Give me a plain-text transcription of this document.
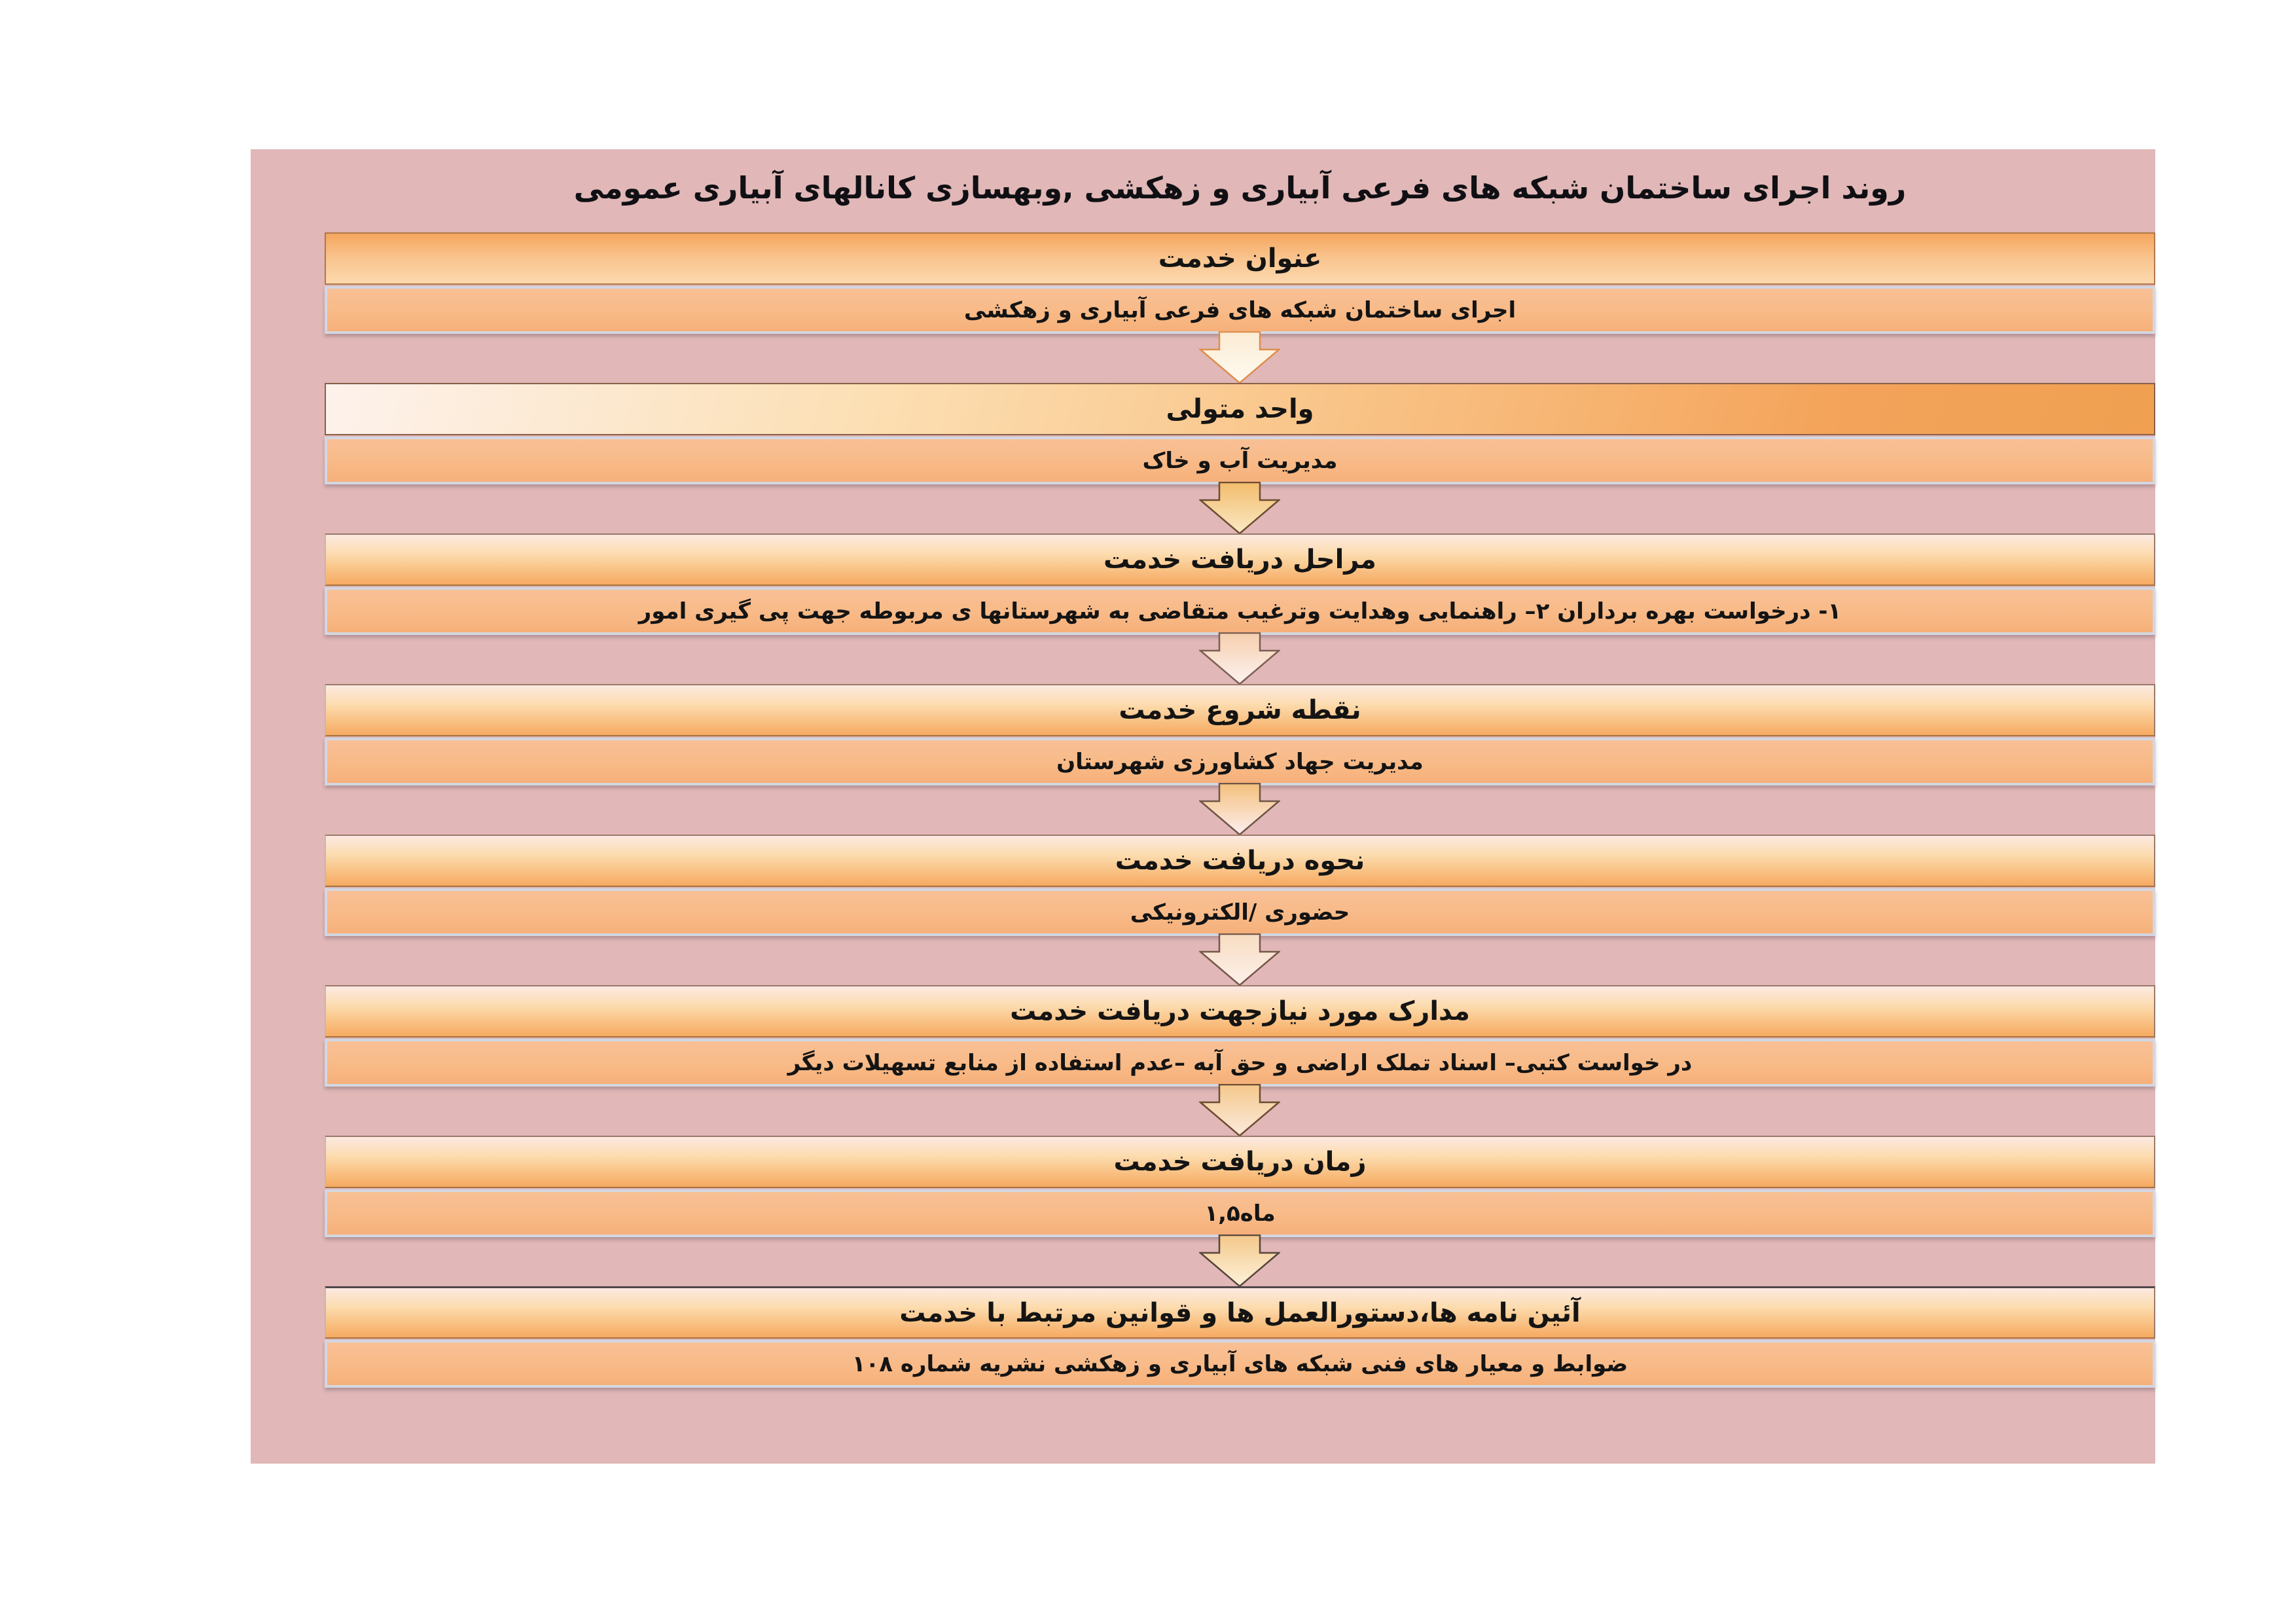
روند اجرای ساختمان شبکه های فرعی آبیاری و زهکشی ,وبهسازی کانالهای آبیاری عمومی
عنوان خدمت
اجرای ساختمان شبکه های فرعی آبیاری و زهکشی
واحد متولی
مدیریت آب و خاک
مراحل دریافت خدمت
۱- درخواست بهره برداران ۲– راهنمایی وهدایت وترغیب متقاضی به شهرستانها ی مربوطه جهت پی گیری امور
نقطه شروع خدمت
مدیریت جهاد کشاورزی شهرستان
نحوه دریافت خدمت
حضوری /الکترونیکی
مدارک مورد نیازجهت دریافت خدمت
در خواست کتبی– اسناد تملک اراضی و حق آبه –عدم استفاده از منابع تسهیلات دیگر
زمان دریافت خدمت
۱,۵ماه
آئین نامه ها،دستورالعمل ها و قوانین مرتبط با خدمت
ضوابط و معیار های فنی شبکه های آبیاری و زهکشی نشریه شماره ۱۰۸
